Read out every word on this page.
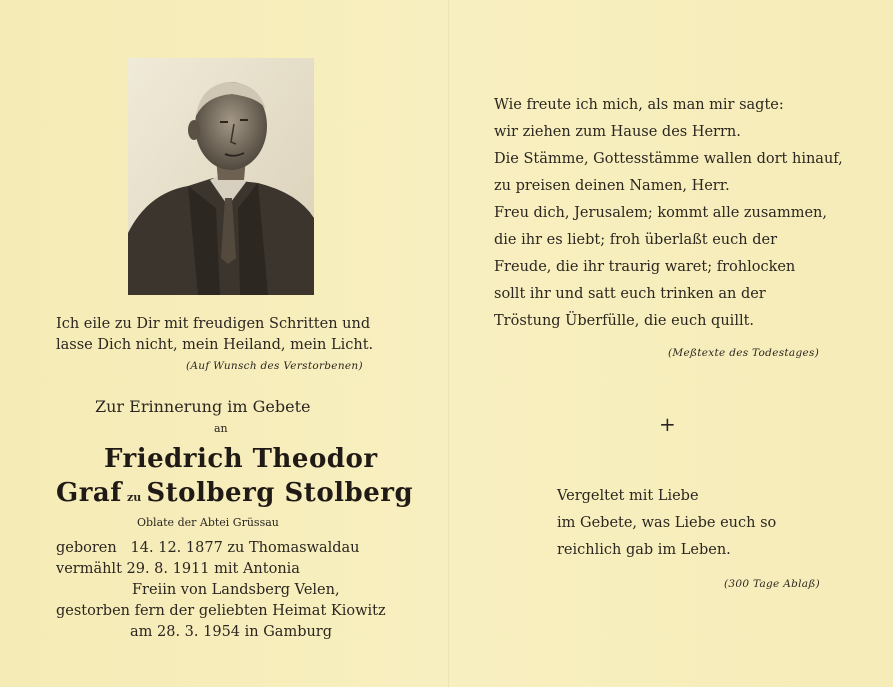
Ich eile zu Dir mit freudigen Schritten und
lasse Dich nicht, mein Heiland, mein Licht.
(Auf Wunsch des Verstorbenen)
Zur Erinnerung im Gebete
an
Friedrich Theodor
Graf zu Stolberg Stolberg
Oblate der Abtei Grüssau
geboren   14. 12. 1877 zu Thomaswaldau
vermählt 29. 8. 1911 mit Antonia
Freiin von Landsberg Velen,
gestorben fern der geliebten Heimat Kiowitz
am 28. 3. 1954 in Gamburg
Wie freute ich mich, als man mir sagte:
wir ziehen zum Hause des Herrn.
Die Stämme, Gottesstämme wallen dort hinauf,
zu preisen deinen Namen, Herr.
Freu dich, Jerusalem; kommt alle zusammen,
die ihr es liebt; froh überlaßt euch der
Freude, die ihr traurig waret; frohlocken
sollt ihr und satt euch trinken an der
Tröstung Überfülle, die euch quillt.
(Meßtexte des Todestages)
+
Vergeltet mit Liebe
im Gebete, was Liebe euch so
reichlich gab im Leben.
(300 Tage Ablaß)
